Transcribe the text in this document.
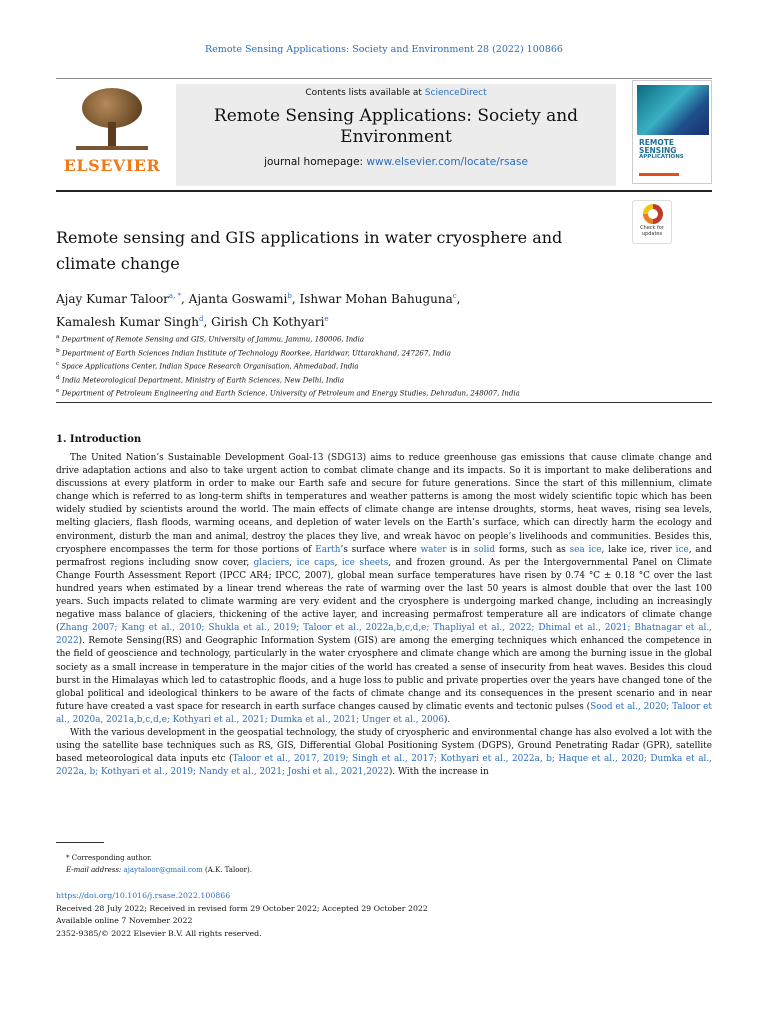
Remote Sensing Applications: Society and Environment 28 (2022) 100866
ELSEVIER
Contents lists available at ScienceDirect
Remote Sensing Applications: Society and Environment
journal homepage: www.elsevier.com/locate/rsase
REMOTE
SENSING
APPLICATIONS
Check for updates
Remote sensing and GIS applications in water cryosphere and climate change
Ajay Kumar Taloor$^{a, *}$, Ajanta Goswami$^b$, Ishwar Mohan Bahuguna$^c$,
Kamalesh Kumar Singh$^d$, Girish Ch Kothyari$^e$
$^a$ Department of Remote Sensing and GIS, University of Jammu, Jammu, 180006, India
$^b$ Department of Earth Sciences Indian Institute of Technology Roorkee, Haridwar, Uttarakhand, 247267, India
$^c$ Space Applications Center, Indian Space Research Organisation, Ahmedabad, India
$^d$ India Meteorological Department, Ministry of Earth Sciences, New Delhi, India
$^e$ Department of Petroleum Engineering and Earth Science, University of Petroleum and Energy Studies, Dehradun, 248007, India
1. Introduction

The United Nation’s Sustainable Development Goal-13 (SDG13) aims to reduce greenhouse gas emissions that cause climate change and drive adaptation actions and also to take urgent action to combat climate change and its impacts. So it is important to make deliberations and discussions at every platform in order to make our Earth safe and secure for future generations. Since the start of this millennium, climate change which is referred to as long-term shifts in temperatures and weather patterns is among the most widely scientific topic which has been widely studied by scientists around the world. The main effects of climate change are intense droughts, storms, heat waves, rising sea levels, melting glaciers, flash floods, warming oceans, and depletion of water levels on the Earth’s surface, which can directly harm the ecology and environment, disturb the man and animal, destroy the places they live, and wreak havoc on people’s livelihoods and communities. Besides this, cryosphere encompasses the term for those portions of Earth’s surface where water is in solid forms, such as sea ice, lake ice, river ice, and permafrost regions including snow cover, glaciers, ice caps, ice sheets, and frozen ground. As per the Intergovernmental Panel on Climate Change Fourth Assessment Report (IPCC AR4; IPCC, 2007), global mean surface temperatures have risen by 0.74 °C ± 0.18 °C over the last hundred years when estimated by a linear trend whereas the rate of warming over the last 50 years is almost double that over the last 100 years. Such impacts related to climate warming are very evident and the cryosphere is undergoing marked change, including an increasingly negative mass balance of glaciers, thickening of the active layer, and increasing permafrost temperature all are indicators of climate change (Zhang 2007; Kang et al., 2010; Shukla et al., 2019; Taloor et al., 2022a,b,c,d,e; Thapliyal et al., 2022; Dhimal et al., 2021; Bhatnagar et al., 2022). Remote Sensing(RS) and Geographic Information System (GIS) are among the emerging techniques which enhanced the competence in the field of geoscience and technology, particularly in the water cryosphere and climate change which are among the burning issue in the global society as a small increase in temperature in the major cities of the world has created a sense of insecurity from heat waves. Besides this cloud burst in the Himalayas which led to catastrophic floods, and a huge loss to public and private properties over the years have changed tone of the global political and ideological thinkers to be aware of the facts of climate change and its consequences in the present scenario and in near future have created a vast space for research in earth surface changes caused by climatic events and tectonic pulses (Sood et al., 2020; Taloor et al., 2020a, 2021a,b,c,d,e; Kothyari et al., 2021; Dumka et al., 2021; Unger et al., 2006).

With the various development in the geospatial technology, the study of cryospheric and environmental change has also evolved a lot with the using the satellite base techniques such as RS, GIS, Differential Global Positioning System (DGPS), Ground Penetrating Radar (GPR), satellite based meteorological data inputs etc (Taloor et al., 2017, 2019; Singh et al., 2017; Kothyari et al., 2022a, b; Haque et al., 2020; Dumka et al., 2022a, b; Kothyari et al., 2019; Nandy et al., 2021; Joshi et al., 2021,2022). With the increase in

* Corresponding author.
E-mail address: ajaytaloor@gmail.com (A.K. Taloor).
https://doi.org/10.1016/j.rsase.2022.100866
Received 28 July 2022; Received in revised form 29 October 2022; Accepted 29 October 2022
Available online 7 November 2022
2352-9385/© 2022 Elsevier B.V. All rights reserved.
